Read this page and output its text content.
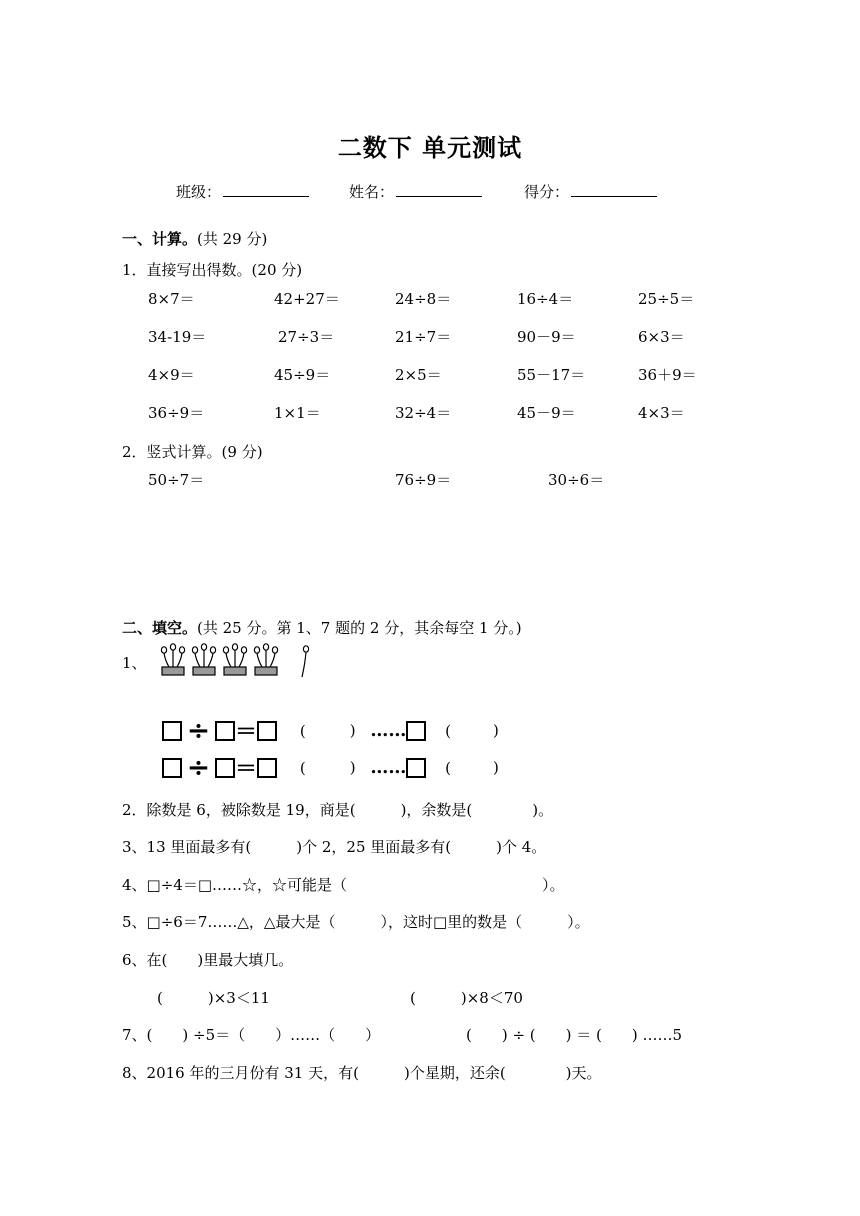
二数下 单元测试
班级：	姓名：	得分：
一、计算。(共 29 分)
1．直接写出得数。(20 分)
8×7＝	42+27＝	24÷8＝	16÷4＝	25÷5＝
34-19＝	27÷3＝	21÷7＝	90－9＝	6×3＝
4×9＝	45÷9＝	2×5＝	55－17＝	36＋9＝
36÷9＝	1×1＝	32÷4＝	45－9＝	4×3＝
2．竖式计算。(9 分)
50÷7＝	76÷9＝	30÷6＝
二、填空。(共 25 分。第 1、7 题的 2 分，其余每空 1 分。)
1、
÷ ＝	(	) ……	(	)
÷ ＝	(	) ……	(	)
2．除数是 6，被除数是 19，商是(　　　)，余数是(　　　　)。
3、13 里面最多有(　　　)个 2，25 里面最多有(　　　)个 4。
4、□÷4＝□……☆，☆可能是（　　　　　　　　　　　　　）。
5、□÷6＝7……△，△最大是（　　　），这时□里的数是（　　　）。
6、在(　　)里最大填几。
(　　　)×3＜11	(　　　)×8＜70
7、(　　) ÷5＝（　　）……（　　）	(　　) ÷ (　　) ＝ (　　) ……5
8、2016 年的三月份有 31 天，有(　　　)个星期，还余(　　　　)天。
